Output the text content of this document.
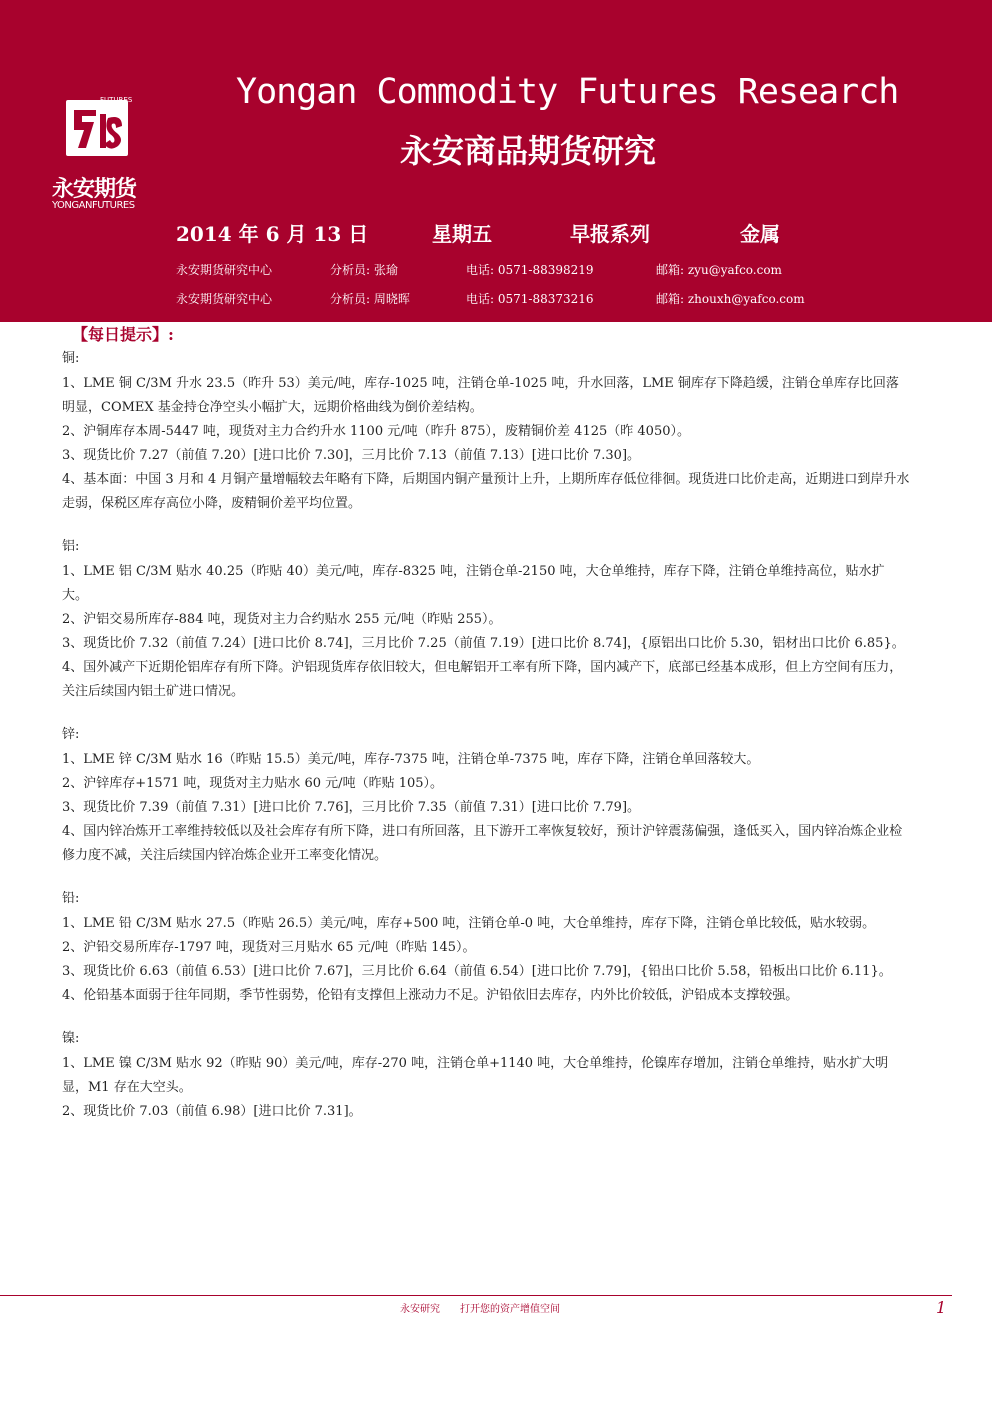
FUTURES
永安期货
YONGANFUTURES
Yongan Commodity Futures Research
永安商品期货研究
2014 年 6 月 13 日	星期五	早报系列	金属
永安期货研究中心	分析员: 张瑜	电话: 0571-88398219	邮箱: zyu@yafco.com
永安期货研究中心	分析员: 周晓晖	电话: 0571-88373216	邮箱: zhouxh@yafco.com
【每日提示】:
铜:
1、LME 铜 C/3M 升水 23.5（昨升 53）美元/吨，库存-1025 吨，注销仓单-1025 吨，升水回落，LME 铜库存下降趋缓，注销仓单库存比回落明显，COMEX 基金持仓净空头小幅扩大，远期价格曲线为倒价差结构。
2、沪铜库存本周-5447 吨，现货对主力合约升水 1100 元/吨（昨升 875），废精铜价差 4125（昨 4050）。
3、现货比价 7.27（前值 7.20）[进口比价 7.30]，三月比价 7.13（前值 7.13）[进口比价 7.30]。
4、基本面：中国 3 月和 4 月铜产量增幅较去年略有下降，后期国内铜产量预计上升，上期所库存低位徘徊。现货进口比价走高，近期进口到岸升水走弱，保税区库存高位小降，废精铜价差平均位置。
铝:
1、LME 铝 C/3M 贴水 40.25（昨贴 40）美元/吨，库存-8325 吨，注销仓单-2150 吨，大仓单维持，库存下降，注销仓单维持高位，贴水扩大。
2、沪铝交易所库存-884 吨，现货对主力合约贴水 255 元/吨（昨贴 255）。
3、现货比价 7.32（前值 7.24）[进口比价 8.74]，三月比价 7.25（前值 7.19）[进口比价 8.74]，{原铝出口比价 5.30，铝材出口比价 6.85}。
4、国外减产下近期伦铝库存有所下降。沪铝现货库存依旧较大，但电解铝开工率有所下降，国内减产下，底部已经基本成形，但上方空间有压力，关注后续国内铝土矿进口情况。
锌:
1、LME 锌 C/3M 贴水 16（昨贴 15.5）美元/吨，库存-7375 吨，注销仓单-7375 吨，库存下降，注销仓单回落较大。
2、沪锌库存+1571 吨，现货对主力贴水 60 元/吨（昨贴 105）。
3、现货比价 7.39（前值 7.31）[进口比价 7.76]，三月比价 7.35（前值 7.31）[进口比价 7.79]。
4、国内锌冶炼开工率维持较低以及社会库存有所下降，进口有所回落，且下游开工率恢复较好，预计沪锌震荡偏强，逢低买入，国内锌冶炼企业检修力度不减，关注后续国内锌冶炼企业开工率变化情况。
铅:
1、LME 铅 C/3M 贴水 27.5（昨贴 26.5）美元/吨，库存+500 吨，注销仓单-0 吨，大仓单维持，库存下降，注销仓单比较低，贴水较弱。
2、沪铅交易所库存-1797 吨，现货对三月贴水 65 元/吨（昨贴 145）。
3、现货比价 6.63（前值 6.53）[进口比价 7.67]，三月比价 6.64（前值 6.54）[进口比价 7.79]，{铅出口比价 5.58，铅板出口比价 6.11}。
4、伦铅基本面弱于往年同期，季节性弱势，伦铅有支撑但上涨动力不足。沪铅依旧去库存，内外比价较低，沪铅成本支撑较强。
镍:
1、LME 镍 C/3M 贴水 92（昨贴 90）美元/吨，库存-270 吨，注销仓单+1140 吨，大仓单维持，伦镍库存增加，注销仓单维持，贴水扩大明显，M1 存在大空头。
2、现货比价 7.03（前值 6.98）[进口比价 7.31]。
永安研究　　打开您的资产增值空间	1
